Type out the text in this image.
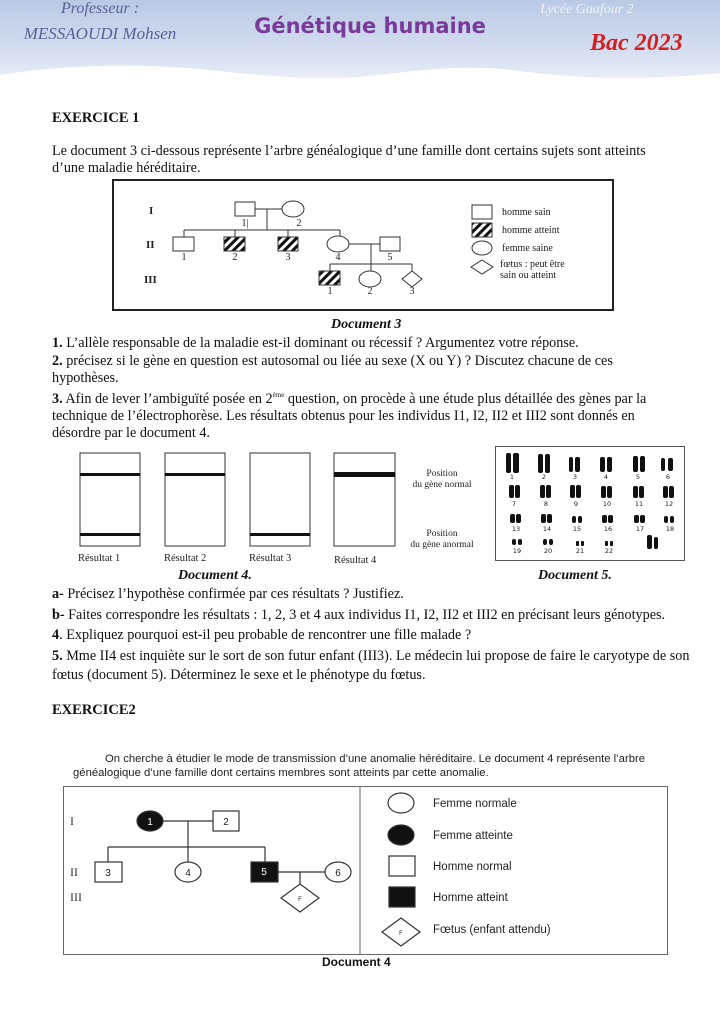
Professeur :
MESSAOUDI Mohsen	Génétique humaine
Lycée Gaafour 2
Bac 2023
EXERCICE 1
Le document 3 ci-dessous représente l’arbre généalogique d’une famille dont certains sujets sont atteints d’une maladie héréditaire.
I
II
III
1|	2
1	2	3	4	5
1	2	3
homme sain
homme atteint
femme saine
fœtus : peut être
sain ou atteint
Document 3
1. L’allèle responsable de la maladie est-il dominant ou récessif ? Argumentez votre réponse.
2. précisez si le gène en question est autosomal ou liée au sexe (X ou Y) ? Discutez chacune de ces hypothèses.
3. Afin de lever l’ambiguïté posée en 2ème question, on procède à une étude plus détaillée des gènes par la technique de l’électrophorèse. Les résultats obtenus pour les individus I1, I2, II2 et III2 sont donnés en désordre par le document 4.
Résultat 1	Résultat 2	Résultat 3	Résultat 4
Position
du gène normal
Position
du gène anormal
1	2	3	4	5	6
7	8	9	10	11	12
13	14	15	16	17	18
19	20	21	22
Document 4.	Document 5.
a- Précisez l’hypothèse confirmée par ces résultats ? Justifiez.
b- Faites correspondre les résultats : 1, 2, 3 et 4 aux individus I1, I2, II2 et III2 en précisant leurs génotypes.
4. Expliquez pourquoi est-il peu probable de rencontrer une fille malade ?
5. Mme II4 est inquiète sur le sort de son futur enfant (III3). Le médecin lui propose de faire le caryotype de son fœtus (document 5). Déterminez le sexe et le phénotype du fœtus.
EXERCICE2
On cherche à étudier le mode de transmission d’une anomalie héréditaire. Le document 4 représente l’arbre généalogique d’une famille dont certains membres sont atteints par cette anomalie.
I
II
III
1	2
3	4	5	6
F
F
Femme normale
Femme atteinte
Homme normal
Homme atteint
Fœtus (enfant attendu)
Document 4
